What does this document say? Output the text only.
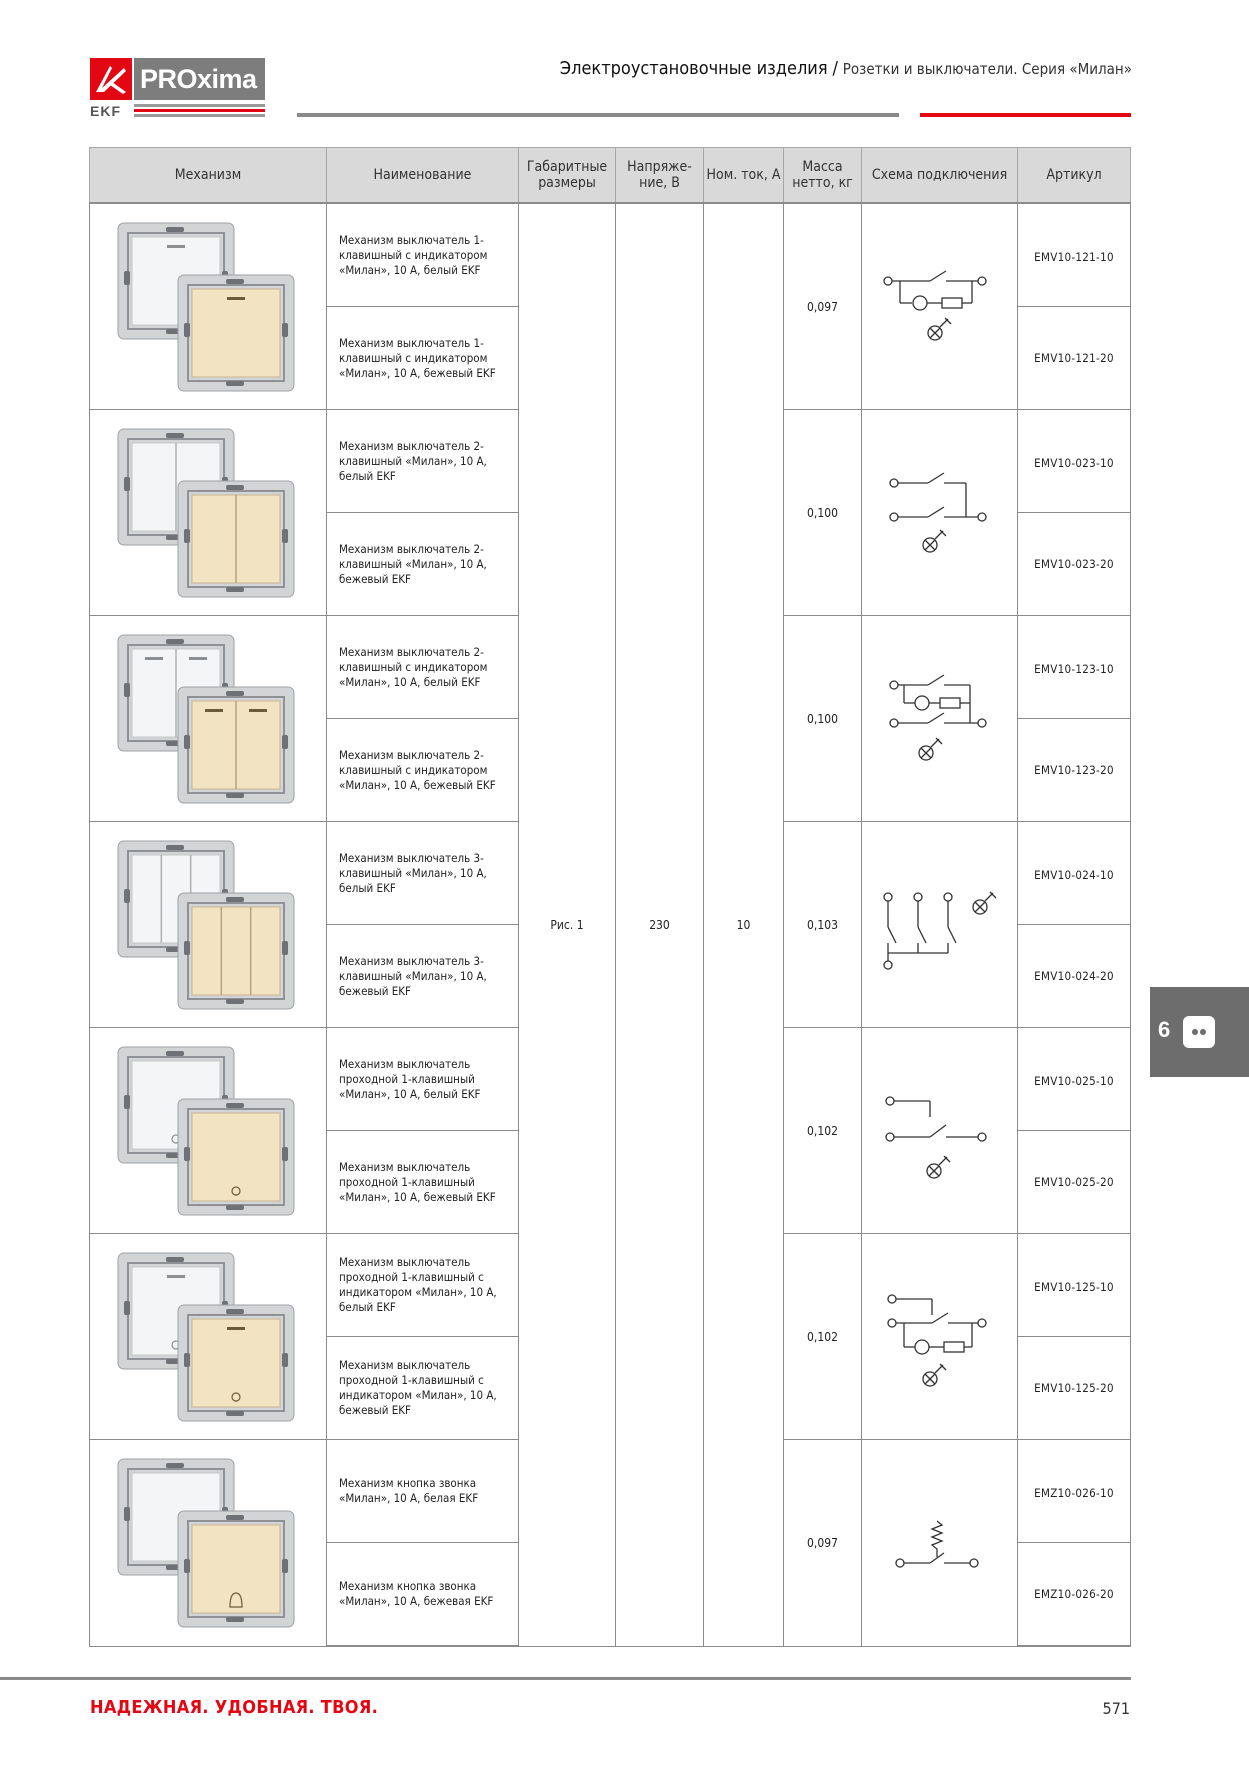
PROxima
EKF
Электроустановочные изделия / Розетки и выключатели. Серия «Милан»
Механизм	Наименование	Габаритные размеры	Напряже-ние, В	Ном. ток, А	Масса нетто, кг	Схема подключения	Артикул
	Механизм выключатель 1-клавишный с индикатором «Милан», 10 А, белый EKF	Рис. 1	230	10	0,097		EMV10-121-10
	Механизм выключатель 1-клавишный с индикатором «Милан», 10 А, бежевый EKF						EMV10-121-20
	Механизм выключатель 2-клавишный «Милан», 10 А, белый EKF				0,100		EMV10-023-10
	Механизм выключатель 2-клавишный «Милан», 10 А, бежевый EKF						EMV10-023-20
	Механизм выключатель 2-клавишный с индикатором «Милан», 10 А, белый EKF				0,100		EMV10-123-10
	Механизм выключатель 2-клавишный с индикатором «Милан», 10 А, бежевый EKF						EMV10-123-20
	Механизм выключатель 3-клавишный «Милан», 10 А, белый EKF				0,103		EMV10-024-10
	Механизм выключатель 3-клавишный «Милан», 10 А, бежевый EKF						EMV10-024-20
	Механизм выключатель проходной 1-клавишный «Милан», 10 А, белый EKF				0,102		EMV10-025-10
	Механизм выключатель проходной 1-клавишный «Милан», 10 А, бежевый EKF						EMV10-025-20
	Механизм выключатель проходной 1-клавишный с индикатором «Милан», 10 А, белый EKF				0,102		EMV10-125-10
	Механизм выключатель проходной 1-клавишный с индикатором «Милан», 10 А, бежевый EKF						EMV10-125-20
	Механизм кнопка звонка «Милан», 10 А, белая EKF				0,097		EMZ10-026-10
	Механизм кнопка звонка «Милан», 10 А, бежевая EKF						EMZ10-026-20
6
НАДЕЖНАЯ. УДОБНАЯ. ТВОЯ.	571
